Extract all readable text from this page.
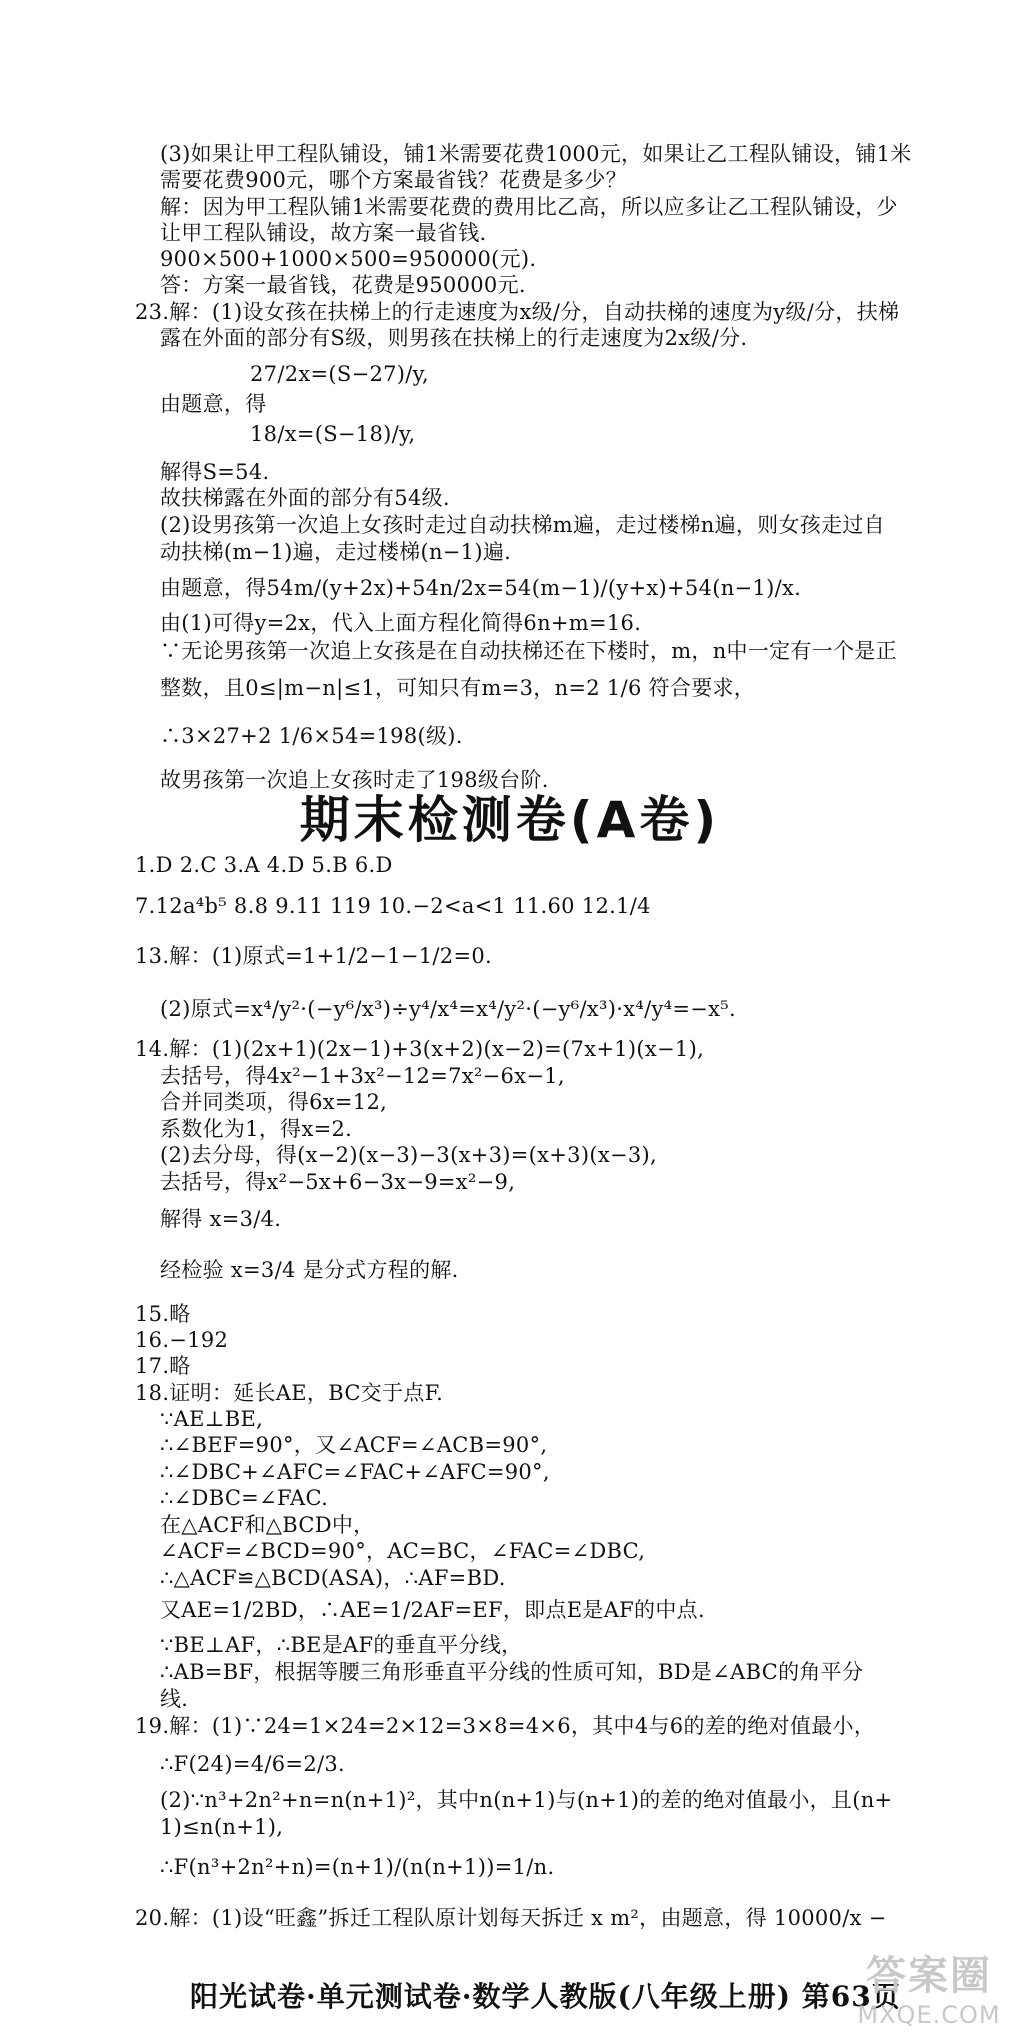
(3)如果让甲工程队铺设，铺1米需要花费1000元，如果让乙工程队铺设，铺1米
需要花费900元，哪个方案最省钱？花费是多少？
解：因为甲工程队铺1米需要花费的费用比乙高，所以应多让乙工程队铺设，少
让甲工程队铺设，故方案一最省钱.
900×500+1000×500=950000(元).
答：方案一最省钱，花费是950000元.
23.解：(1)设女孩在扶梯上的行走速度为x级/分，自动扶梯的速度为y级/分，扶梯
露在外面的部分有S级，则男孩在扶梯上的行走速度为2x级/分.
27/2x=(S−27)/y,
由题意，得
18/x=(S−18)/y,
解得S=54.
故扶梯露在外面的部分有54级.
(2)设男孩第一次追上女孩时走过自动扶梯m遍，走过楼梯n遍，则女孩走过自
动扶梯(m−1)遍，走过楼梯(n−1)遍.
由题意，得54m/(y+2x)+54n/2x=54(m−1)/(y+x)+54(n−1)/x.
由(1)可得y=2x，代入上面方程化简得6n+m=16.
∵无论男孩第一次追上女孩是在自动扶梯还在下楼时，m，n中一定有一个是正
整数，且0≤|m−n|≤1，可知只有m=3，n=2 1/6 符合要求，
∴3×27+2 1/6×54=198(级).
故男孩第一次追上女孩时走了198级台阶.
1.D 2.C 3.A 4.D 5.B 6.D
7.12a⁴b⁵ 8.8 9.11 119 10.−2<a<1 11.60 12.1/4
13.解：(1)原式=1+1/2−1−1/2=0.
(2)原式=x⁴/y²·(−y⁶/x³)÷y⁴/x⁴=x⁴/y²·(−y⁶/x³)·x⁴/y⁴=−x⁵.
14.解：(1)(2x+1)(2x−1)+3(x+2)(x−2)=(7x+1)(x−1),
去括号，得4x²−1+3x²−12=7x²−6x−1,
合并同类项，得6x=12,
系数化为1，得x=2.
(2)去分母，得(x−2)(x−3)−3(x+3)=(x+3)(x−3),
去括号，得x²−5x+6−3x−9=x²−9,
解得 x=3/4.
经检验 x=3/4 是分式方程的解.
15.略
16.−192
17.略
18.证明：延长AE，BC交于点F.
∵AE⊥BE,
∴∠BEF=90°，又∠ACF=∠ACB=90°,
∴∠DBC+∠AFC=∠FAC+∠AFC=90°,
∴∠DBC=∠FAC.
在△ACF和△BCD中，
∠ACF=∠BCD=90°，AC=BC，∠FAC=∠DBC,
∴△ACF≌△BCD(ASA)，∴AF=BD.
又AE=1/2BD，∴AE=1/2AF=EF，即点E是AF的中点.
∵BE⊥AF，∴BE是AF的垂直平分线，
∴AB=BF，根据等腰三角形垂直平分线的性质可知，BD是∠ABC的角平分
线.
19.解：(1)∵24=1×24=2×12=3×8=4×6，其中4与6的差的绝对值最小，
∴F(24)=4/6=2/3.
(2)∵n³+2n²+n=n(n+1)²，其中n(n+1)与(n+1)的差的绝对值最小，且(n+
1)≤n(n+1),
∴F(n³+2n²+n)=(n+1)/(n(n+1))=1/n.
20.解：(1)设“旺鑫”拆迁工程队原计划每天拆迁 x m²，由题意，得 10000/x −
期末检测卷(A卷)
阳光试卷·单元测试卷·数学人教版(八年级上册) 第63页
答案圈
MXQE.COM
